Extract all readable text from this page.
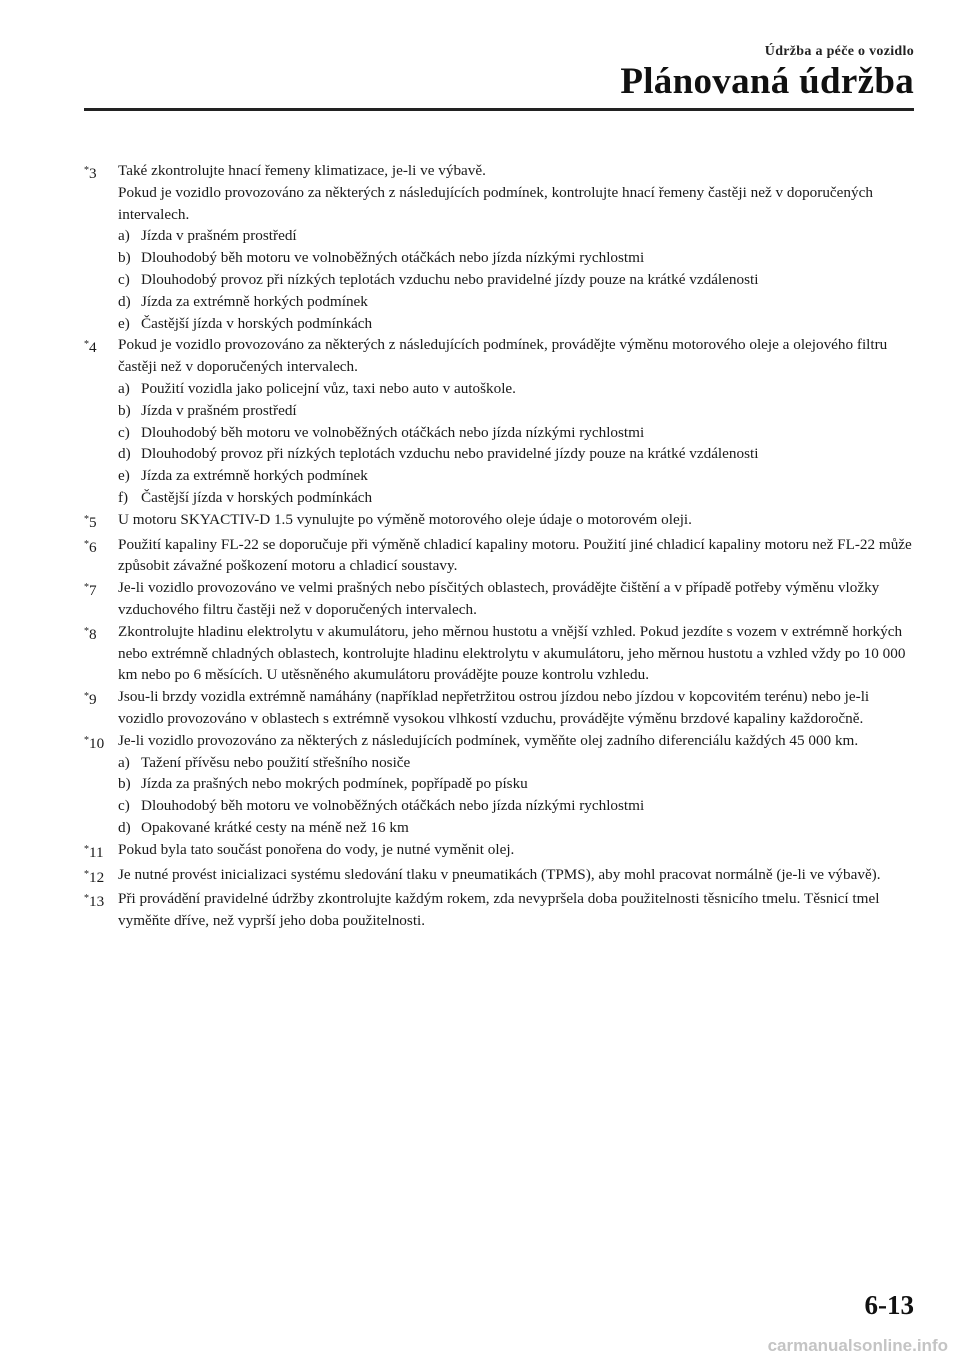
Údržba a péče o vozidlo
Plánovaná údržba
*3	Také zkontrolujte hnací řemeny klimatizace, je-li ve výbavě.
Pokud je vozidlo provozováno za některých z následujících podmínek, kontrolujte hnací řemeny častěji než v doporučených intervalech.
a) Jízda v prašném prostředí
b) Dlouhodobý běh motoru ve volnoběžných otáčkách nebo jízda nízkými rychlostmi
c) Dlouhodobý provoz při nízkých teplotách vzduchu nebo pravidelné jízdy pouze na krátké vzdálenosti
d) Jízda za extrémně horkých podmínek
e) Častější jízda v horských podmínkách
*4	Pokud je vozidlo provozováno za některých z následujících podmínek, provádějte výměnu motorového oleje a olejového filtru častěji než v doporučených intervalech.
a) Použití vozidla jako policejní vůz, taxi nebo auto v autoškole.
b) Jízda v prašném prostředí
c) Dlouhodobý běh motoru ve volnoběžných otáčkách nebo jízda nízkými rychlostmi
d) Dlouhodobý provoz při nízkých teplotách vzduchu nebo pravidelné jízdy pouze na krátké vzdálenosti
e) Jízda za extrémně horkých podmínek
f) Častější jízda v horských podmínkách
*5	U motoru SKYACTIV-D 1.5 vynulujte po výměně motorového oleje údaje o motorovém oleji.
*6	Použití kapaliny FL-22 se doporučuje při výměně chladicí kapaliny motoru. Použití jiné chladicí kapaliny motoru než FL-22 může způsobit závažné poškození motoru a chladicí soustavy.
*7	Je-li vozidlo provozováno ve velmi prašných nebo písčitých oblastech, provádějte čištění a v případě potřeby výměnu vložky vzduchového filtru častěji než v doporučených intervalech.
*8	Zkontrolujte hladinu elektrolytu v akumulátoru, jeho měrnou hustotu a vnější vzhled. Pokud jezdíte s vozem v extrémně horkých nebo extrémně chladných oblastech, kontrolujte hladinu elektrolytu v akumulátoru, jeho měrnou hustotu a vzhled vždy po 10 000 km nebo po 6 měsících. U utěsněného akumulátoru provádějte pouze kontrolu vzhledu.
*9	Jsou-li brzdy vozidla extrémně namáhány (například nepřetržitou ostrou jízdou nebo jízdou v kopcovitém terénu) nebo je-li vozidlo provozováno v oblastech s extrémně vysokou vlhkostí vzduchu, provádějte výměnu brzdové kapaliny každoročně.
*10 Je-li vozidlo provozováno za některých z následujících podmínek, vyměňte olej zadního diferenciálu každých 45 000 km.
a) Tažení přívěsu nebo použití střešního nosiče
b) Jízda za prašných nebo mokrých podmínek, popřípadě po písku
c) Dlouhodobý běh motoru ve volnoběžných otáčkách nebo jízda nízkými rychlostmi
d) Opakované krátké cesty na méně než 16 km
*11 Pokud byla tato součást ponořena do vody, je nutné vyměnit olej.
*12 Je nutné provést inicializaci systému sledování tlaku v pneumatikách (TPMS), aby mohl pracovat normálně (je-li ve výbavě).
*13 Při provádění pravidelné údržby zkontrolujte každým rokem, zda nevypršela doba použitelnosti těsnicího tmelu. Těsnicí tmel vyměňte dříve, než vyprší jeho doba použitelnosti.
6-13
carmanualsonline.info
